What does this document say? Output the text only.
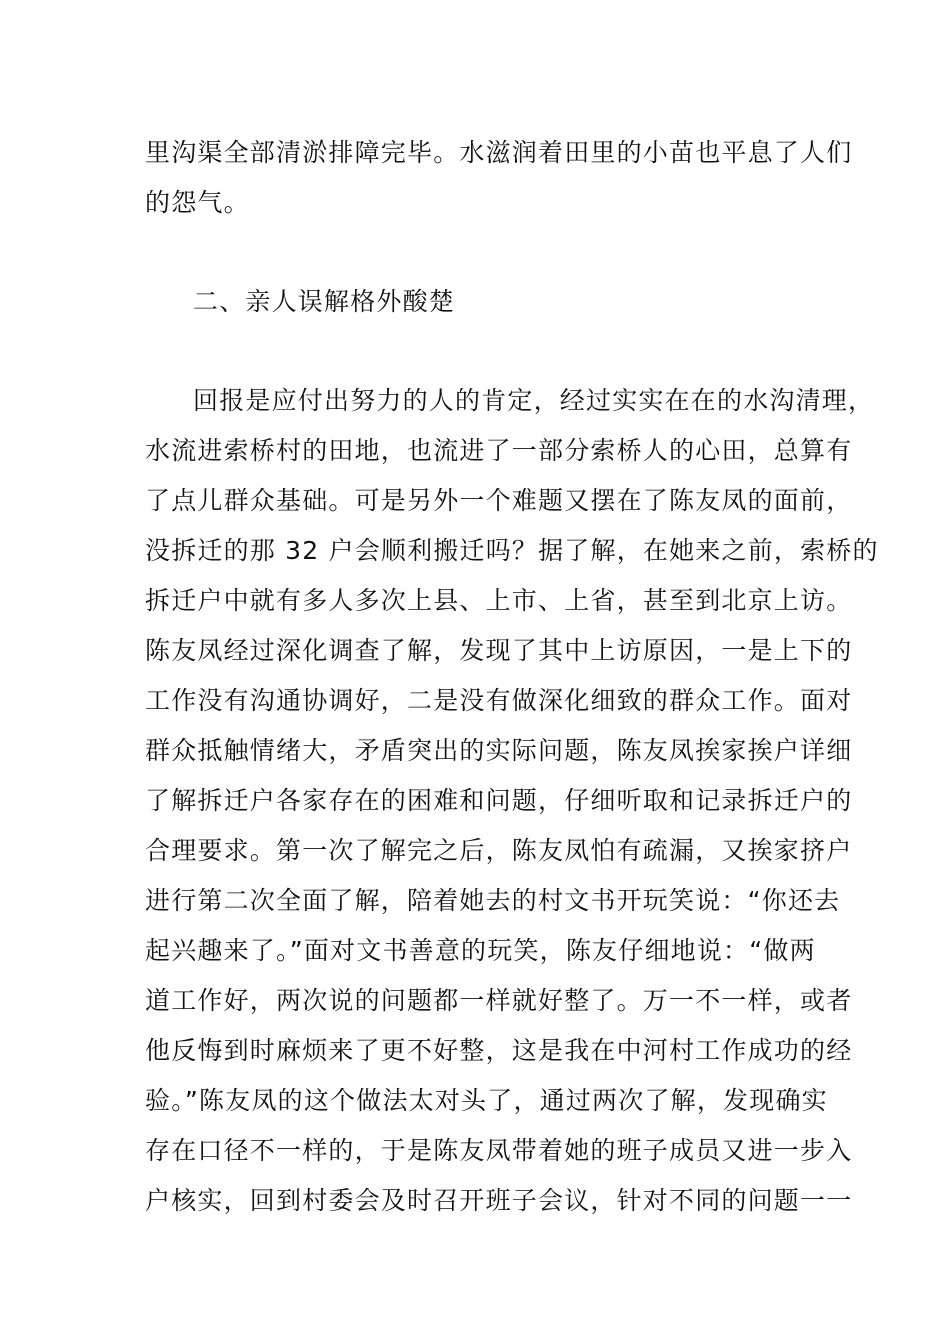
里沟渠全部清淤排障完毕。水滋润着田里的小苗也平息了人们
的怨气。
二、亲人误解格外酸楚
回报是应付出努力的人的肯定，经过实实在在的水沟清理，
水流进索桥村的田地，也流进了一部分索桥人的心田，总算有
了点儿群众基础。可是另外一个难题又摆在了陈友凤的面前，
没拆迁的那 32 户会顺利搬迁吗？据了解，在她来之前，索桥的
拆迁户中就有多人多次上县、上市、上省，甚至到北京上访。
陈友凤经过深化调查了解，发现了其中上访原因，一是上下的
工作没有沟通协调好，二是没有做深化细致的群众工作。面对
群众抵触情绪大，矛盾突出的实际问题，陈友凤挨家挨户详细
了解拆迁户各家存在的困难和问题，仔细听取和记录拆迁户的
合理要求。第一次了解完之后，陈友凤怕有疏漏，又挨家挤户
进行第二次全面了解，陪着她去的村文书开玩笑说：“你还去
起兴趣来了。”面对文书善意的玩笑，陈友仔细地说：“做两
道工作好，两次说的问题都一样就好整了。万一不一样，或者
他反悔到时麻烦来了更不好整，这是我在中河村工作成功的经
验。”陈友凤的这个做法太对头了，通过两次了解，发现确实
存在口径不一样的，于是陈友凤带着她的班子成员又进一步入
户核实，回到村委会及时召开班子会议，针对不同的问题一一
